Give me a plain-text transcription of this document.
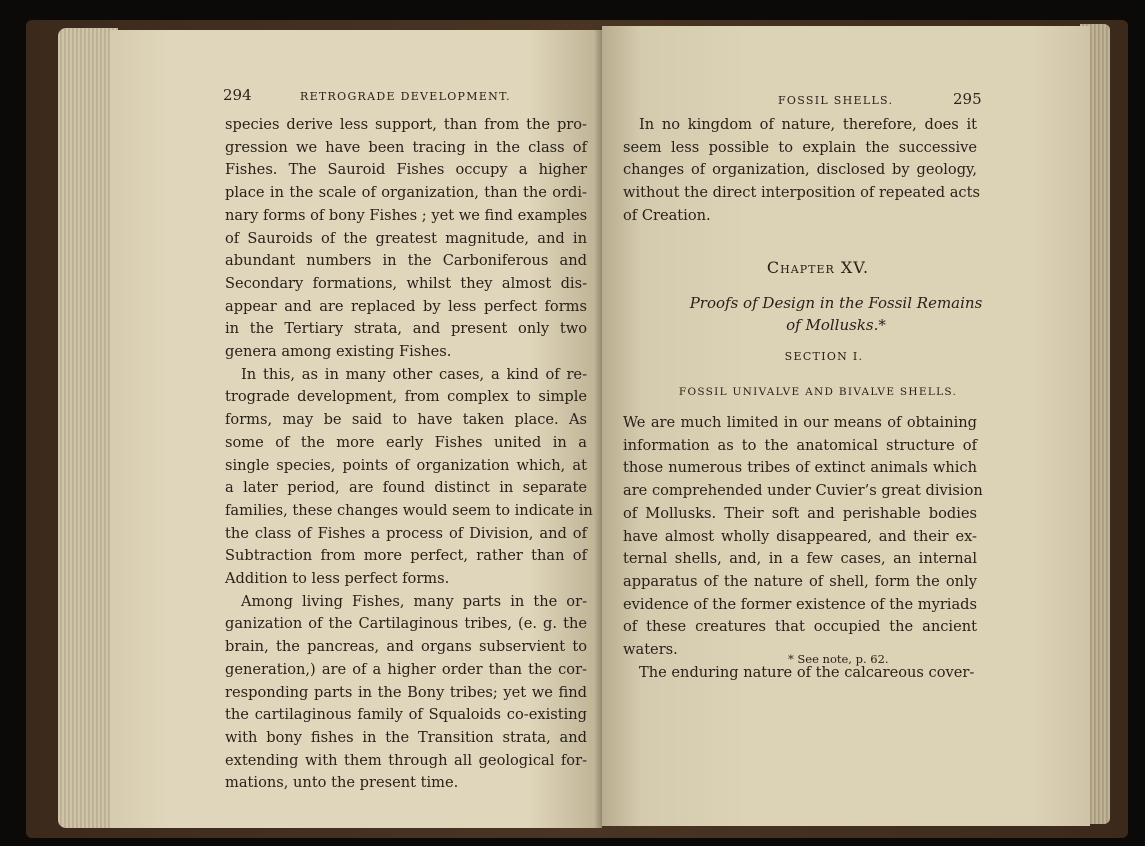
294	RETROGRADE DEVELOPMENT.
species derive less support, than from the pro-
gression we have been tracing in the class of
Fishes. The Sauroid Fishes occupy a higher
place in the scale of organization, than the ordi-
nary forms of bony Fishes ; yet we find examples
of Sauroids of the greatest magnitude, and in
abundant numbers in the Carboniferous and
Secondary formations, whilst they almost dis-
appear and are replaced by less perfect forms
in the Tertiary strata, and present only two
genera among existing Fishes.
In this, as in many other cases, a kind of re-
trograde development, from complex to simple
forms, may be said to have taken place. As
some of the more early Fishes united in a
single species, points of organization which, at
a later period, are found distinct in separate
families, these changes would seem to indicate in
the class of Fishes a process of Division, and of
Subtraction from more perfect, rather than of
Addition to less perfect forms.
Among living Fishes, many parts in the or-
ganization of the Cartilaginous tribes, (e. g. the
brain, the pancreas, and organs subservient to
generation,) are of a higher order than the cor-
responding parts in the Bony tribes; yet we find
the cartilaginous family of Squaloids co-existing
with bony fishes in the Transition strata, and
extending with them through all geological for-
mations, unto the present time.
FOSSIL SHELLS.	295
In no kingdom of nature, therefore, does it
seem less possible to explain the successive
changes of organization, disclosed by geology,
without the direct interposition of repeated acts
of Creation.
Chapter XV.
Proofs of Design in the Fossil Remains
of Mollusks.*
SECTION I.
FOSSIL UNIVALVE AND BIVALVE SHELLS.
We are much limited in our means of obtaining
information as to the anatomical structure of
those numerous tribes of extinct animals which
are comprehended under Cuvier’s great division
of Mollusks. Their soft and perishable bodies
have almost wholly disappeared, and their ex-
ternal shells, and, in a few cases, an internal
apparatus of the nature of shell, form the only
evidence of the former existence of the myriads
of these creatures that occupied the ancient
waters.
The enduring nature of the calcareous cover-
* See note, p. 62.
